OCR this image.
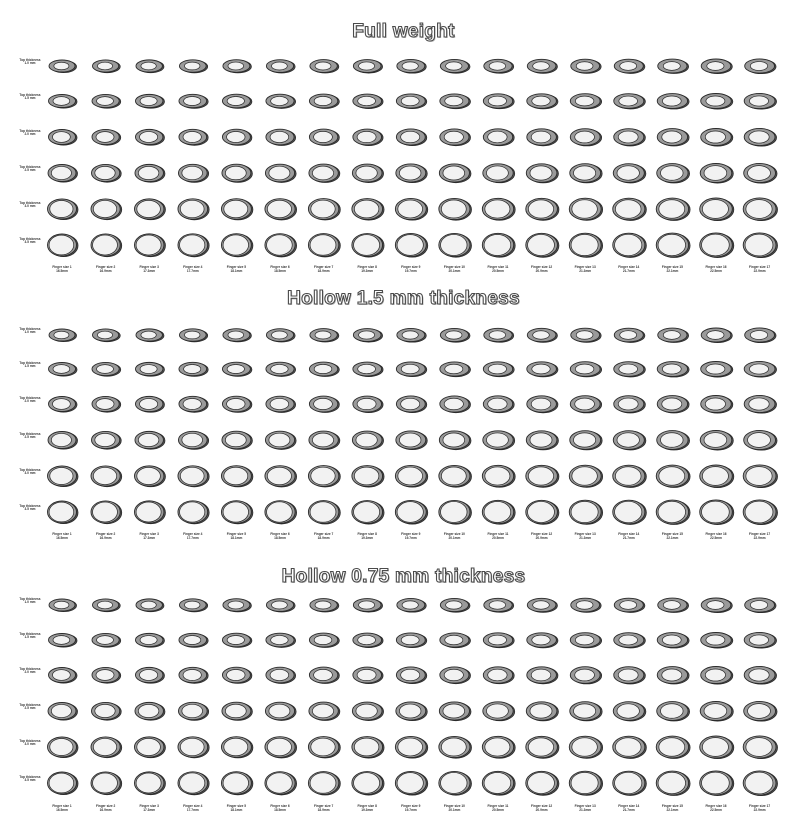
Full weight
Hollow 1.5 mm thickness
Hollow 0.75 mm thickness
Top thickness 1.0 mm
Top thickness 1.5 mm
Top thickness 2.0 mm
Top thickness 2.5 mm
Top thickness 3.0 mm
Top thickness 3.5 mm
Finger size 1 16.5mm
Finger size 2 16.9mm
Finger size 3 17.3mm
Finger size 4 17.7mm
Finger size 5 18.1mm
Finger size 6 18.5mm
Finger size 7 18.9mm
Finger size 8 19.3mm
Finger size 9 19.7mm
Finger size 10 20.1mm
Finger size 11 20.5mm
Finger size 12 20.9mm
Finger size 13 21.3mm
Finger size 14 21.7mm
Finger size 15 22.1mm
Finger size 16 22.5mm
Finger size 17 22.9mm
Top thickness 1.0 mm
Top thickness 1.5 mm
Top thickness 2.0 mm
Top thickness 2.5 mm
Top thickness 3.0 mm
Top thickness 3.5 mm
Finger size 1 16.5mm
Finger size 2 16.9mm
Finger size 3 17.3mm
Finger size 4 17.7mm
Finger size 5 18.1mm
Finger size 6 18.5mm
Finger size 7 18.9mm
Finger size 8 19.3mm
Finger size 9 19.7mm
Finger size 10 20.1mm
Finger size 11 20.5mm
Finger size 12 20.9mm
Finger size 13 21.3mm
Finger size 14 21.7mm
Finger size 15 22.1mm
Finger size 16 22.5mm
Finger size 17 22.9mm
Top thickness 1.0 mm
Top thickness 1.5 mm
Top thickness 2.0 mm
Top thickness 2.5 mm
Top thickness 3.0 mm
Top thickness 3.5 mm
Finger size 1 16.5mm
Finger size 2 16.9mm
Finger size 3 17.3mm
Finger size 4 17.7mm
Finger size 5 18.1mm
Finger size 6 18.5mm
Finger size 7 18.9mm
Finger size 8 19.3mm
Finger size 9 19.7mm
Finger size 10 20.1mm
Finger size 11 20.5mm
Finger size 12 20.9mm
Finger size 13 21.3mm
Finger size 14 21.7mm
Finger size 15 22.1mm
Finger size 16 22.5mm
Finger size 17 22.9mm
